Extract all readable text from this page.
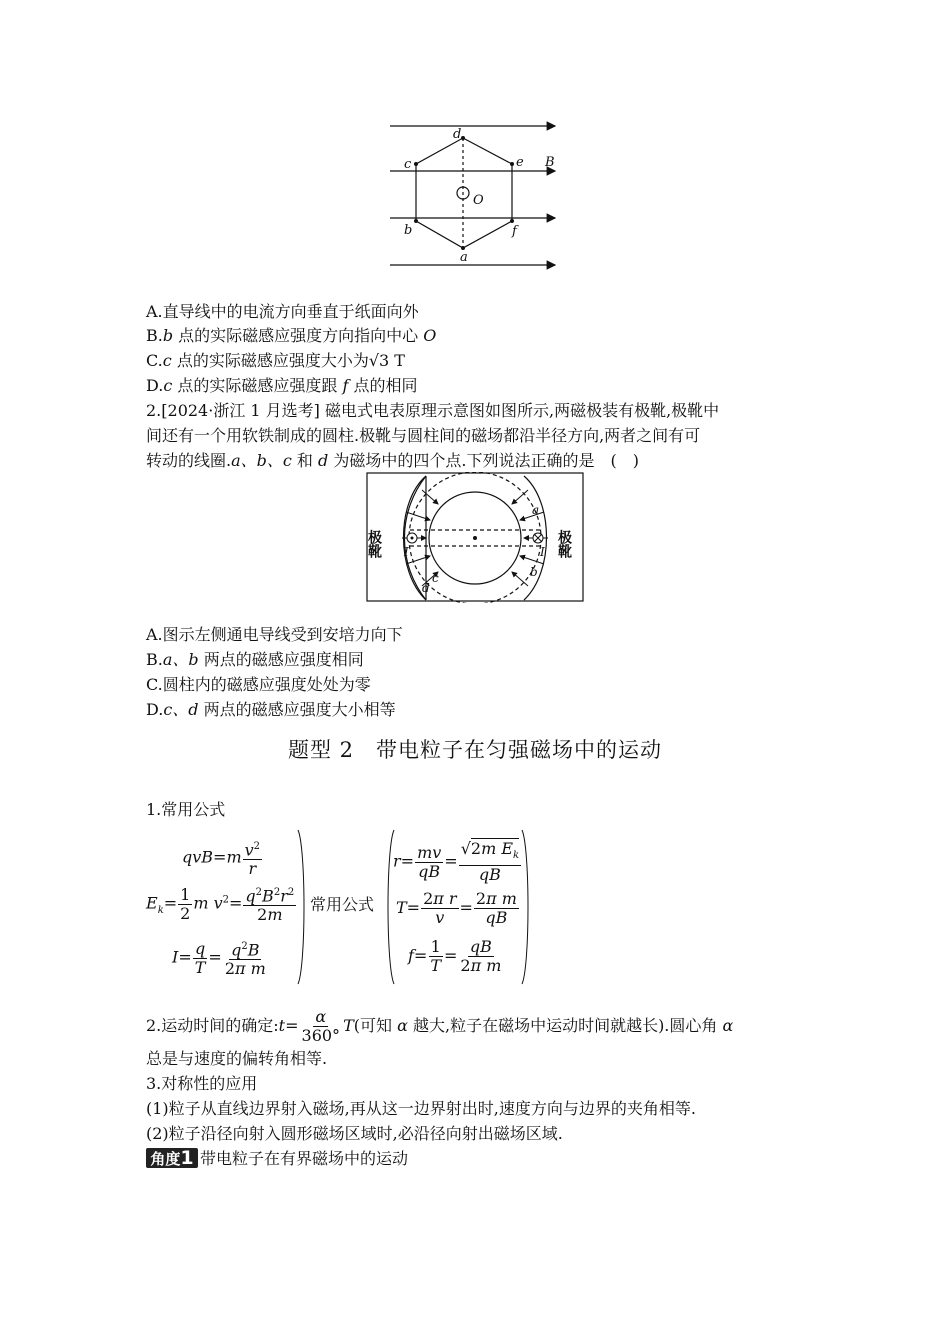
d
c	e B
O
b	f
a
A.直导线中的电流方向垂直于纸面向外
B.b 点的实际磁感应强度方向指向中心 O
C.c 点的实际磁感应强度大小为√3 T
D.c 点的实际磁感应强度跟 f 点的相同
2.[2024·浙江 1 月选考] 磁电式电表原理示意图如图所示,两磁极装有极靴,极靴中
间还有一个用软铁制成的圆柱.极靴与圆柱间的磁场都沿半径方向,两者之间有可
转动的线圈.a、b、c 和 d 为磁场中的四个点.下列说法正确的是　(　)
极靴	极靴
I	I
a
b
c
d
A.图示左侧通电导线受到安培力向下
B.a、b 两点的磁感应强度相同
C.圆柱内的磁感应强度处处为零
D.c、d 两点的磁感应强度大小相等
题型 2　带电粒子在匀强磁场中的运动
1.常用公式
$qvB=m \frac{v^2}{r}$
$E_k= \frac{1}{2}$ m $v^2= \frac{q^2B^2r^2}{2m}$
$I= \frac{q}{T} = \frac{q^2B}{\text{2π m}}$
常用公式
$r= \frac{mv}{qB} = \frac{√2m E_k}{qB}$
$T= \frac{\text{2π r}}{v} = \frac{\text{2π m}}{qB}$
$f= \frac{1}{T} = \frac{qB}{\text{2π m}}$
2.运动时间的确定:t= $\frac{\alpha}{360^\circ} T$(可知 α 越大,粒子在磁场中运动时间就越长).圆心角 α
总是与速度的偏转角相等.
3.对称性的应用
(1)粒子从直线边界射入磁场,再从这一边界射出时,速度方向与边界的夹角相等.
(2)粒子沿径向射入圆形磁场区域时,必沿径向射出磁场区域.
角度1 带电粒子在有界磁场中的运动
